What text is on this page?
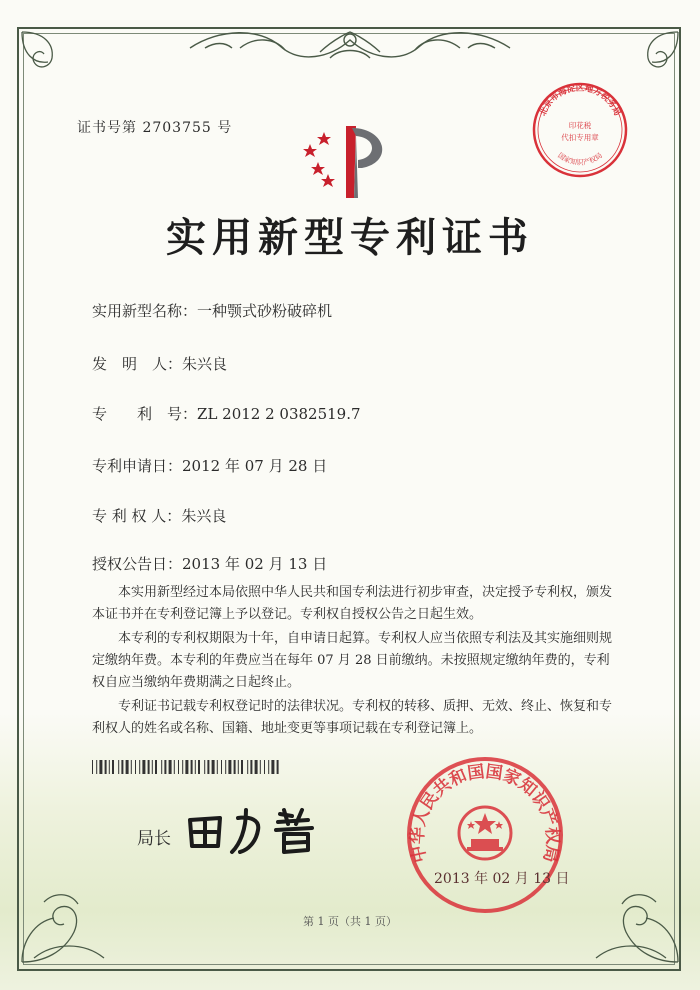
证书号第 2703755 号
实用新型专利证书
实用新型名称：一种颚式砂粉破碎机
发　明　人：朱兴良
专　　利　号：ZL 2012 2 0382519.7
专利申请日：2012 年 07 月 28 日
专 利 权 人：朱兴良
授权公告日：2013 年 02 月 13 日

本实用新型经过本局依照中华人民共和国专利法进行初步审查，决定授予专利权，颁发本证书并在专利登记簿上予以登记。专利权自授权公告之日起生效。

本专利的专利权期限为十年，自申请日起算。专利权人应当依照专利法及其实施细则规定缴纳年费。本专利的年费应当在每年 07 月 28 日前缴纳。未按照规定缴纳年费的，专利权自应当缴纳年费期满之日起终止。

专利证书记载专利权登记时的法律状况。专利权的转移、质押、无效、终止、恢复和专利权人的姓名或名称、国籍、地址变更等事项记载在专利登记簿上。

局长
北京市海淀区地方税务局
印花税
代扣专用章
国家知识产权局
中华人民共和国国家知识产权局
2013 年 02 月 13 日
第 1 页（共 1 页）
